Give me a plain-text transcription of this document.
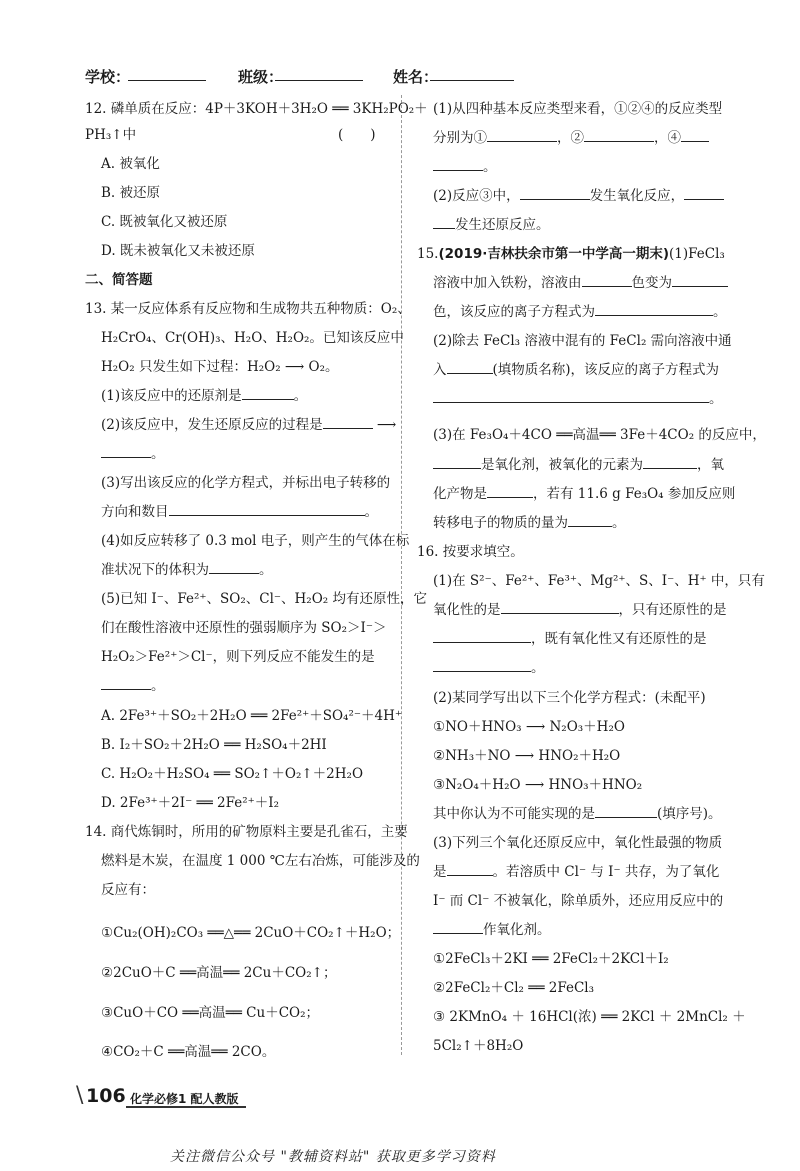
学校：	班级：	姓名：
12. 磷单质在反应：4P＋3KOH＋3H₂O ══ 3KH₂PO₂＋
PH₃↑中	(　　)
A. 被氧化
B. 被还原
C. 既被氧化又被还原
D. 既未被氧化又未被还原
二、简答题
13. 某一反应体系有反应物和生成物共五种物质：O₂、
H₂CrO₄、Cr(OH)₃、H₂O、H₂O₂。已知该反应中
H₂O₂ 只发生如下过程：H₂O₂ ⟶ O₂。
(1)该反应中的还原剂是	。
(2)该反应中，发生还原反应的过程是	⟶
。
(3)写出该反应的化学方程式，并标出电子转移的
方向和数目	。
(4)如反应转移了 0.3 mol 电子，则产生的气体在标
准状况下的体积为	。
(5)已知 I⁻、Fe²⁺、SO₂、Cl⁻、H₂O₂ 均有还原性，它
们在酸性溶液中还原性的强弱顺序为 SO₂＞I⁻＞
H₂O₂＞Fe²⁺＞Cl⁻，则下列反应不能发生的是
。
A. 2Fe³⁺＋SO₂＋2H₂O ══ 2Fe²⁺＋SO₄²⁻＋4H⁺
B. I₂＋SO₂＋2H₂O ══ H₂SO₄＋2HI
C. H₂O₂＋H₂SO₄ ══ SO₂↑＋O₂↑＋2H₂O
D. 2Fe³⁺＋2I⁻ ══ 2Fe²⁺＋I₂
14. 商代炼铜时，所用的矿物原料主要是孔雀石，主要
燃料是木炭，在温度 1 000 ℃左右冶炼，可能涉及的
反应有：
①Cu₂(OH)₂CO₃ ══△══ 2CuO＋CO₂↑＋H₂O；
②2CuO＋C ══高温══ 2Cu＋CO₂↑；
③CuO＋CO ══高温══ Cu＋CO₂；
④CO₂＋C ══高温══ 2CO。
(1)从四种基本反应类型来看，①②④的反应类型
分别为①	，②	，④
。
(2)反应③中，	发生氧化反应，
发生还原反应。
15.(2019·吉林扶余市第一中学高一期末)(1)FeCl₃
溶液中加入铁粉，溶液由	色变为
色，该反应的离子方程式为	。
(2)除去 FeCl₃ 溶液中混有的 FeCl₂ 需向溶液中通
入	(填物质名称)，该反应的离子方程式为
。
(3)在 Fe₃O₄＋4CO ══高温══ 3Fe＋4CO₂ 的反应中，
是氧化剂，被氧化的元素为	，氧
化产物是	，若有 11.6 g Fe₃O₄ 参加反应则
转移电子的物质的量为	。
16. 按要求填空。
(1)在 S²⁻、Fe²⁺、Fe³⁺、Mg²⁺、S、I⁻、H⁺ 中，只有
氧化性的是	，只有还原性的是
，既有氧化性又有还原性的是
。
(2)某同学写出以下三个化学方程式：(未配平)
①NO＋HNO₃ ⟶ N₂O₃＋H₂O
②NH₃＋NO ⟶ HNO₂＋H₂O
③N₂O₄＋H₂O ⟶ HNO₃＋HNO₂
其中你认为不可能实现的是	(填序号)。
(3)下列三个氧化还原反应中，氧化性最强的物质
是	。若溶质中 Cl⁻ 与 I⁻ 共存，为了氧化
I⁻ 而 Cl⁻ 不被氧化，除单质外，还应用反应中的
作氧化剂。
①2FeCl₃＋2KI ══ 2FeCl₂＋2KCl＋I₂
②2FeCl₂＋Cl₂ ══ 2FeCl₃
③ 2KMnO₄ ＋ 16HCl(浓) ══ 2KCl ＋ 2MnCl₂ ＋
5Cl₂↑＋8H₂O
\ 106 化学必修1 配人教版
关注微信公众号 "教辅资料站" 获取更多学习资料
